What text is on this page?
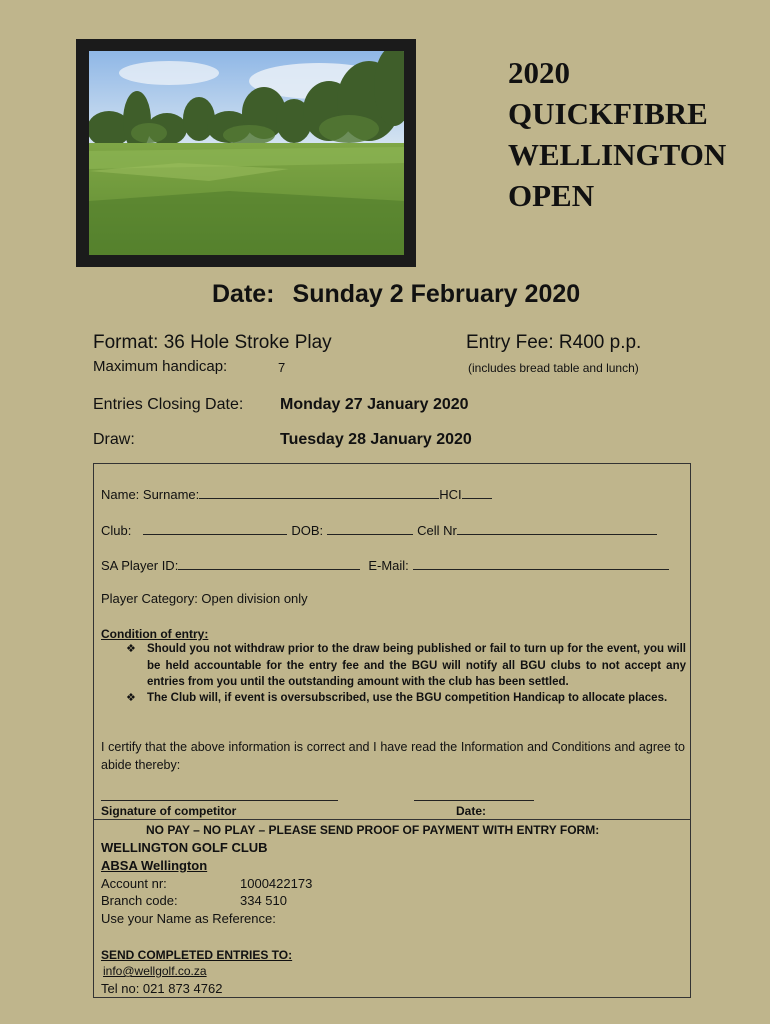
2020
QUICKFIBRE
WELLINGTON
OPEN
Date: Sunday 2 February 2020
Format: 36 Hole Stroke Play	Entry Fee: R400 p.p.
Maximum handicap:	7	(includes bread table and lunch)
Entries Closing Date: Monday 27 January 2020
Draw:	Tuesday 28 January 2020
Name: Surname:	HCI
Club:	DOB:	Cell Nr
SA Player ID:	E-Mail:
Player Category: Open division only
Condition of entry:
❖ Should you not withdraw prior to the draw being published or fail to turn up for the event, you will be held accountable for the entry fee and the BGU will notify all BGU clubs to not accept any entries from you until the outstanding amount with the club has been settled.
❖ The Club will, if event is oversubscribed, use the BGU competition Handicap to allocate places.
I certify that the above information is correct and I have read the Information and Conditions and agree to abide thereby:
Signature of competitor	Date:
NO PAY – NO PLAY – PLEASE SEND PROOF OF PAYMENT WITH ENTRY FORM:
WELLINGTON GOLF CLUB
ABSA Wellington
Account nr:	1000422173
Branch code:	334 510
Use your Name as Reference:
SEND COMPLETED ENTRIES TO:
info@wellgolf.co.za
Tel no: 021 873 4762
